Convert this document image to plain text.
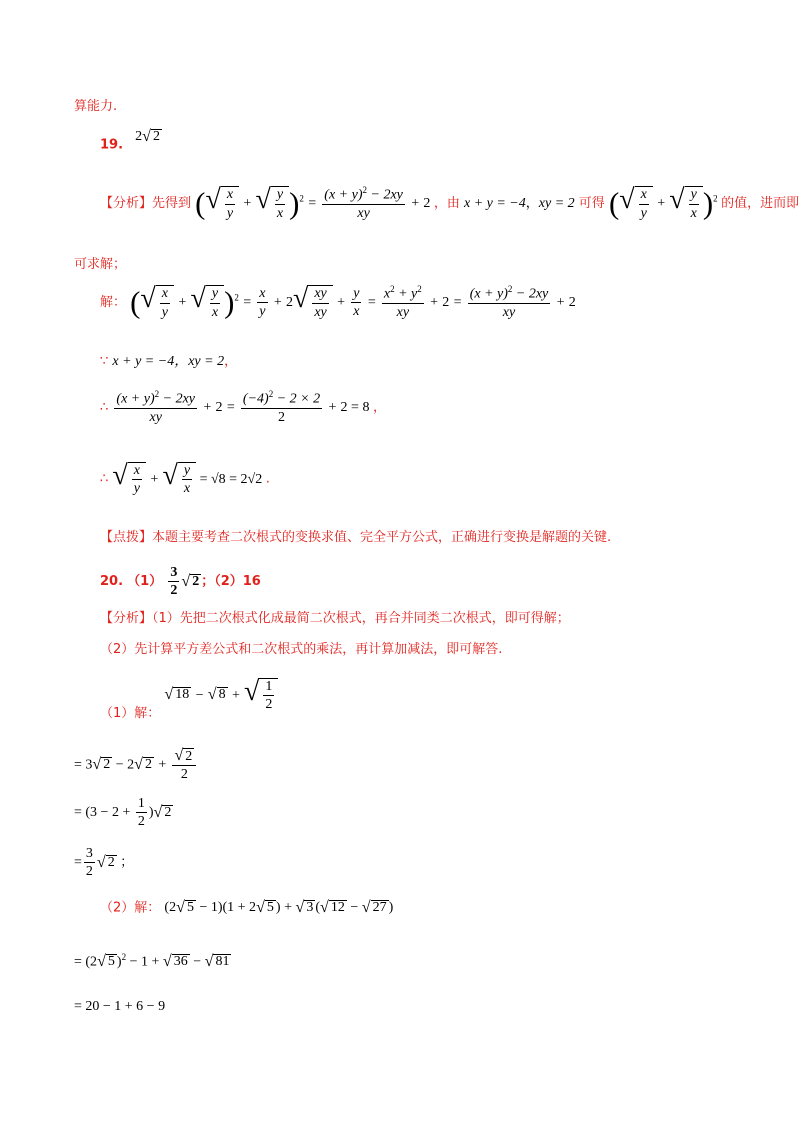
算能力.
19. 2 √ 2
【分析】先得到 ( √ $\frac{x}{y}$ + √ $\frac{y}{x} )^2 = \frac{(x + y)^2 - 2xy}{xy} + 2$ ，由 x + y = −4，xy = 2 可得 ( √ $\frac{x}{y}$ + √ $\frac{y}{x} )^2$ 的值，进而即
可求解；
解： ( √ $\frac{x}{y}$ + √ $\frac{y}{x} )^2 = \frac{x}{y} + 2$ √ $\frac{xy}{xy} + \frac{y}{x} = \frac{x^2 + y^2}{xy} + 2 = \frac{(x + y)^2 - 2xy}{xy} + 2$
∵ x + y = −4，xy = 2，
∴ $\frac{(x + y)^2 - 2xy}{xy} + 2 = \frac{(-4)^2 - 2 \times 2}{2} + 2 = 8$ ，
∴ √ $\frac{x}{y}$ + √ $\frac{y}{x} = √8 = 2√2$ .
【点拨】本题主要考查二次根式的变换求值、完全平方公式，正确进行变换是解题的关键.
20. $(1) \frac{3}{2}$ √ 2 ；（2）16
【分析】（1）先把二次根式化成最简二次根式，再合并同类二次根式，即可得解；
（2）先计算平方差公式和二次根式的乘法，再计算加减法，即可解答.
（1）解：
√ 18 − √ 8 + √ $\frac{1}{2}$
= 3 √ 2 − 2 √ $2 + \frac{√ 2}{2}$
= ($3 - 2 + \frac{1}{2}$ ) √ 2
= $\frac{3}{2}$ √ 2 ；
（2）解： (2 √ 5 − 1)(1 + 2 √ 5 ) + √ 3 ( √ 12 − √ 27 )
= (2 √ 5 )$^2$ − 1 + √ 36 − √ 81
= 20 − 1 + 6 − 9
